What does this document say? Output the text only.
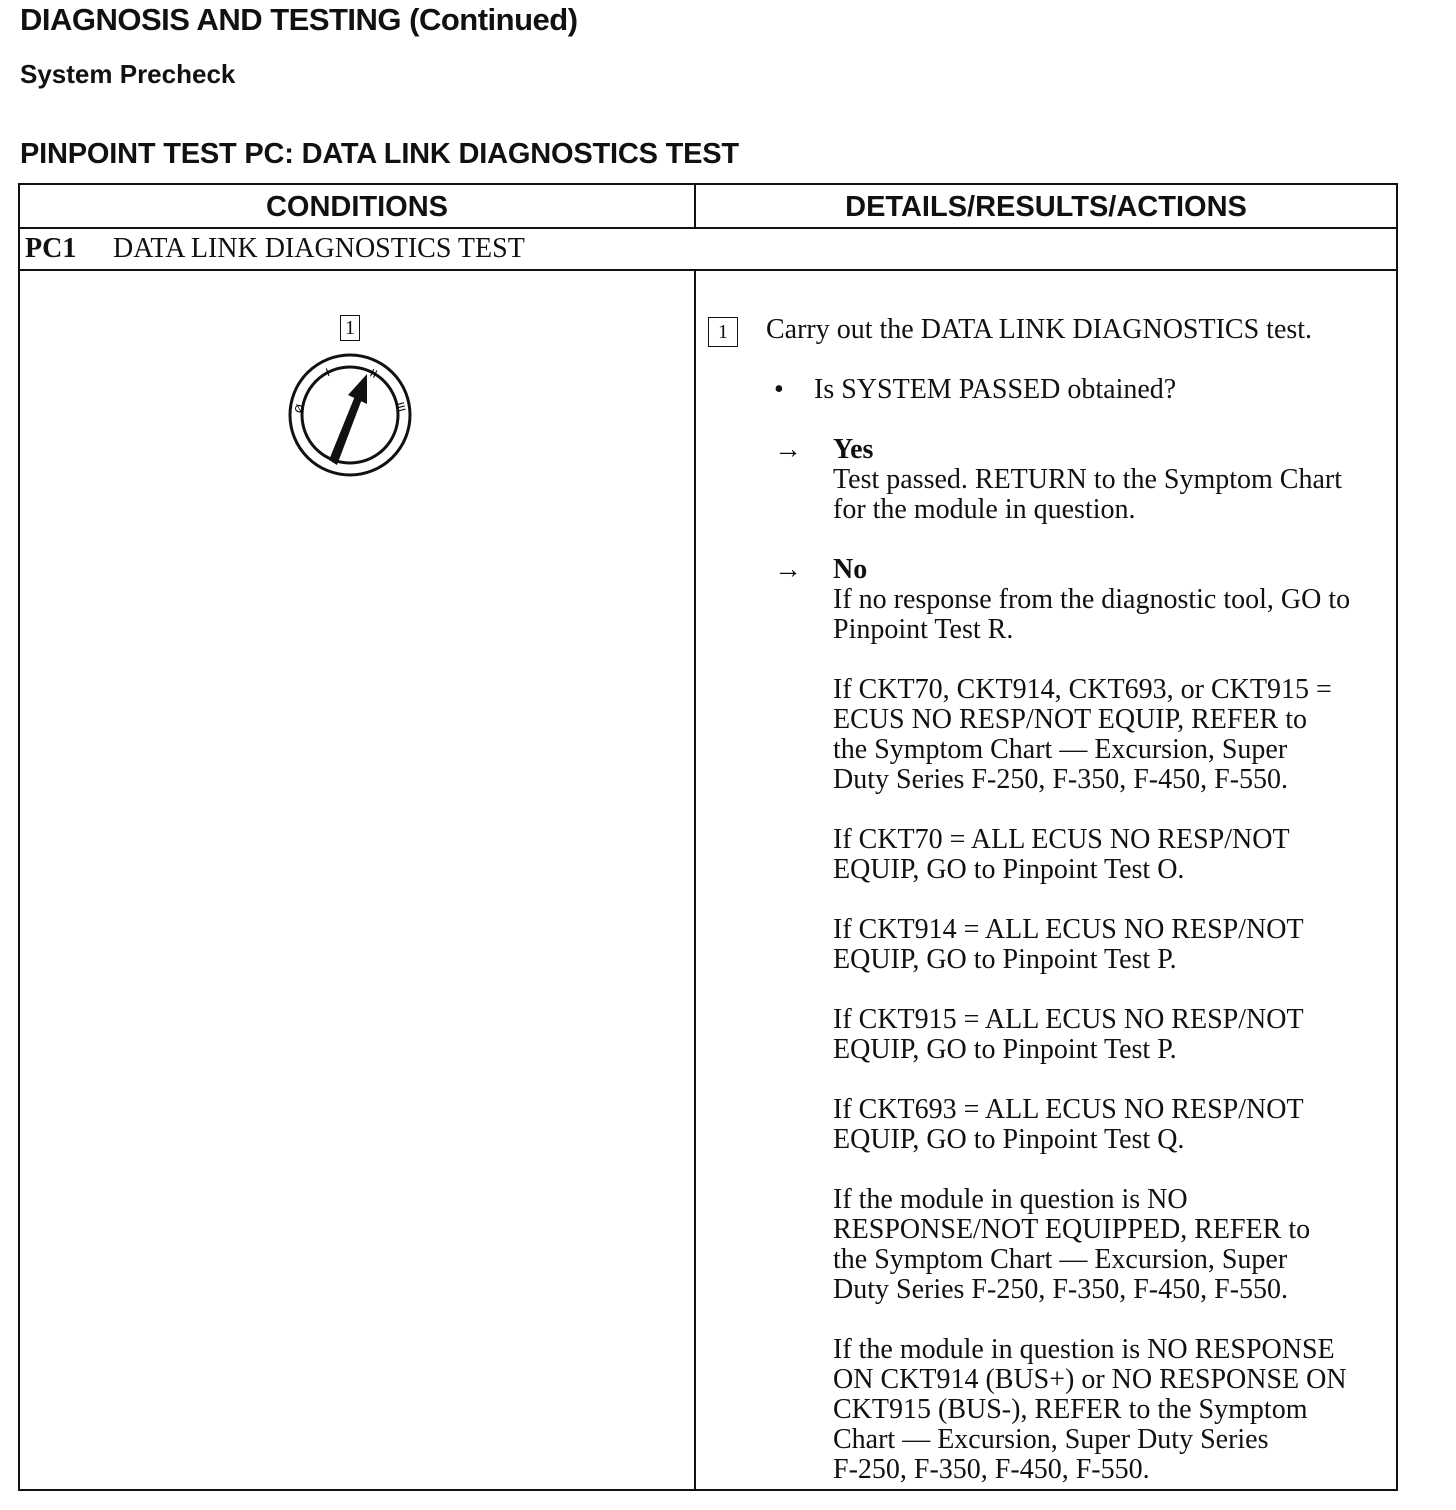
DIAGNOSIS AND TESTING (Continued)
System Precheck
PINPOINT TEST PC: DATA LINK DIAGNOSTICS TEST
CONDITIONS	DETAILS/RESULTS/ACTIONS
PC1 DATA LINK DIAGNOSTICS TEST
1
Ø
I	II
III
1	Carry out the DATA LINK DIAGNOSTICS test.
• Is SYSTEM PASSED obtained?
→ Yes
Test passed. RETURN to the Symptom Chart
for the module in question.
→ No
If no response from the diagnostic tool, GO to
Pinpoint Test R.
If CKT70, CKT914, CKT693, or CKT915 =
ECUS NO RESP/NOT EQUIP, REFER to
the Symptom Chart — Excursion, Super
Duty Series F-250, F-350, F-450, F-550.
If CKT70 = ALL ECUS NO RESP/NOT
EQUIP, GO to Pinpoint Test O.
If CKT914 = ALL ECUS NO RESP/NOT
EQUIP, GO to Pinpoint Test P.
If CKT915 = ALL ECUS NO RESP/NOT
EQUIP, GO to Pinpoint Test P.
If CKT693 = ALL ECUS NO RESP/NOT
EQUIP, GO to Pinpoint Test Q.
If the module in question is NO
RESPONSE/NOT EQUIPPED, REFER to
the Symptom Chart — Excursion, Super
Duty Series F-250, F-350, F-450, F-550.
If the module in question is NO RESPONSE
ON CKT914 (BUS+) or NO RESPONSE ON
CKT915 (BUS-), REFER to the Symptom
Chart — Excursion, Super Duty Series
F-250, F-350, F-450, F-550.
